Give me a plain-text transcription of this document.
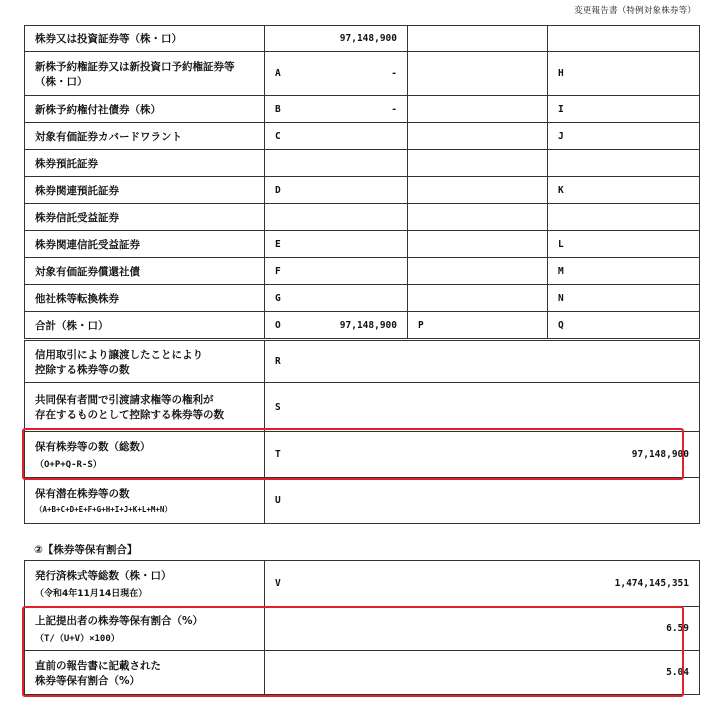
変更報告書（特例対象株券等）
株券又は投資証券等（株・口）	97,148,900		

新株予約権証券又は新投資口予約権証券等
（株・口）	A -		H
新株予約権付社債券（株）	B -		I
対象有価証券カバードワラント	C		J
株券預託証券	

株券関連預託証券	D		K
株券信託受益証券	

株券関連信託受益証券	E		L
対象有価証券償還社債	F		M
他社株等転換株券	G		N
合計（株・口）	O 97,148,900	P	Q
信用取引により譲渡したことにより
控除する株券等の数	R
共同保有者間で引渡請求権等の権利が
存在するものとして控除する株券等の数	S
保有株券等の数（総数）
（O+P+Q-R-S）	T 97,148,900

保有潜在株券等の数
（A+B+C+D+E+F+G+H+I+J+K+L+M+N）	U
②【株券等保有割合】
発行済株式等総数（株・口）
（令和4年11月14日現在）	V 1,474,145,351

上記提出者の株券等保有割合（%）
（T/（U+V）×100）	6.59
直前の報告書に記載された
株券等保有割合（%）	5.04
